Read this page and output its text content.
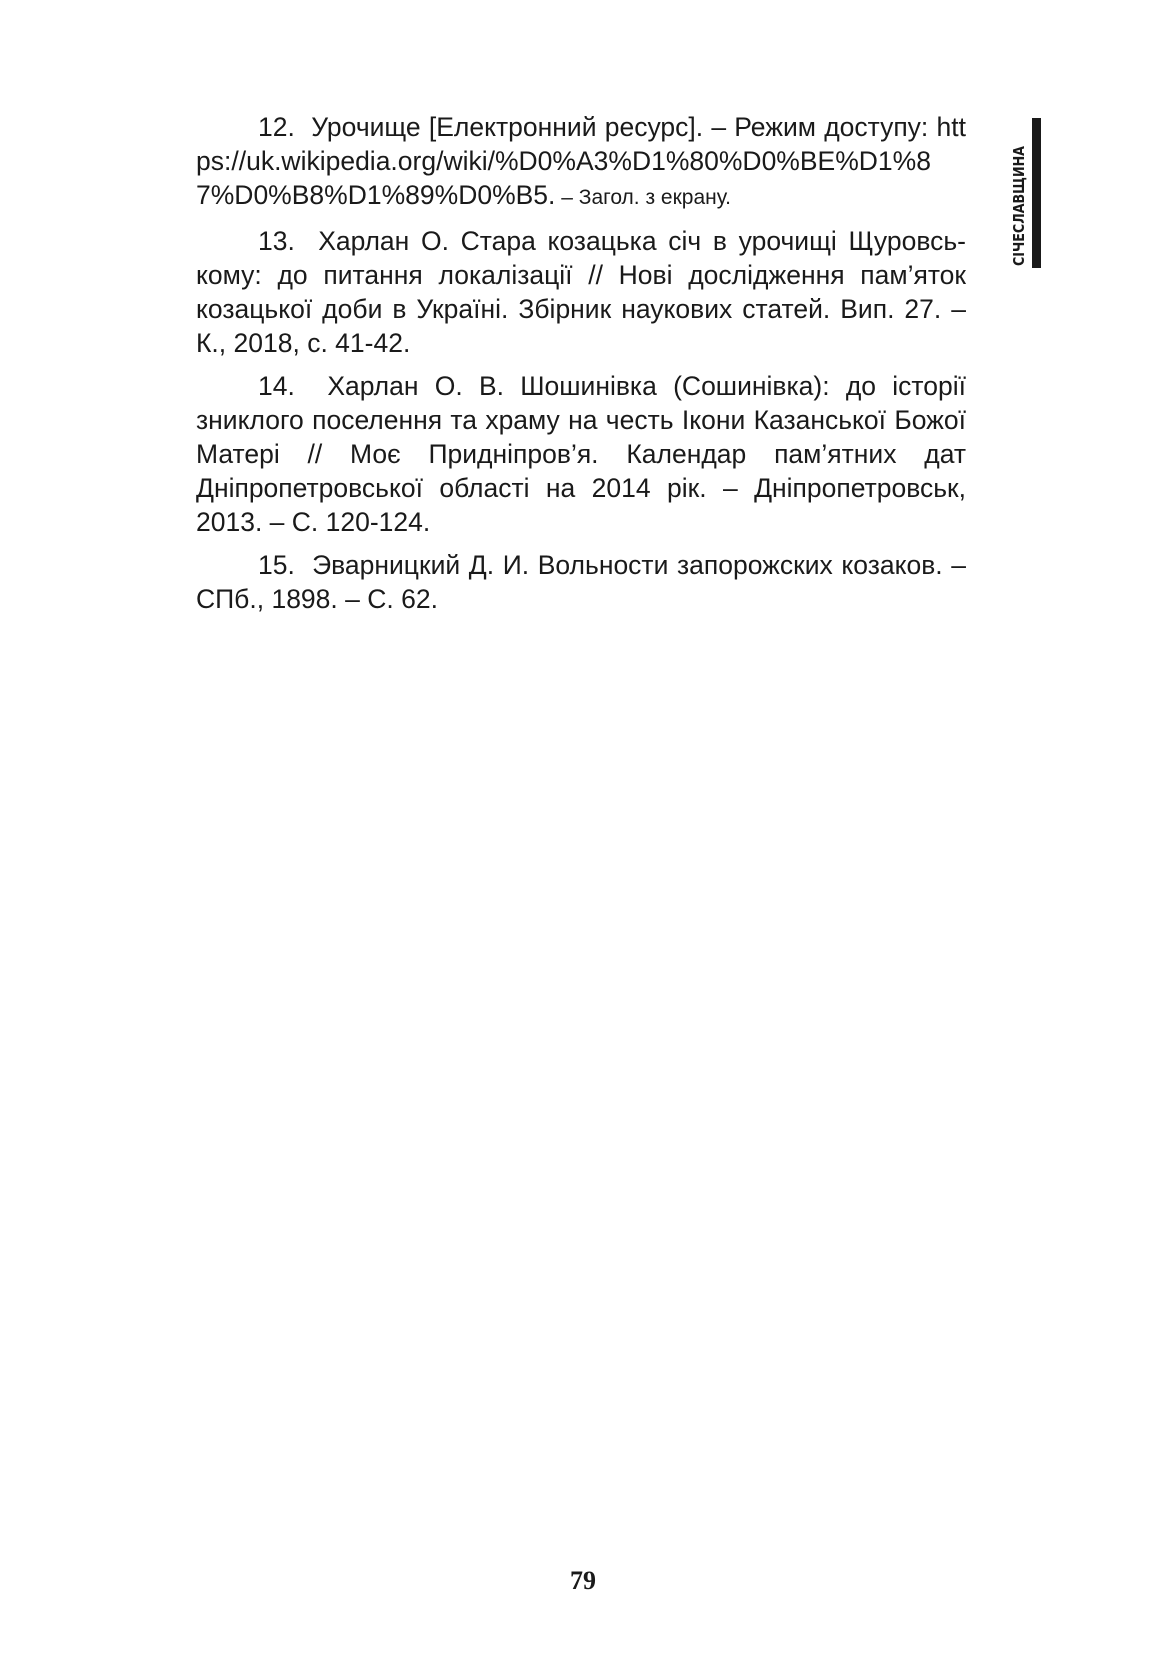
СІЧЕСЛАВЩИНА

12. Урочище [Електронний ресурс]. – Режим доступу: https://uk.wikipedia.org/wiki/%D0%A3%D1%80%D0%BE%D1%87%D0%B8%D1%89%D0%B5. – Загол. з екрану.

13. Харлан О. Стара козацька січ в урочищі Щуровсь-кому: до питання локалізації // Нові дослідження пам’яток козацької доби в Україні. Збірник наукових статей. Вип. 27. – К., 2018, с. 41-42.

14. Харлан О. В. Шошинівка (Сошинівка): до історії зниклого поселення та храму на честь Ікони Казанської Божої Матері // Моє Придніпров’я. Календар пам’ятних дат Дніпропетровської області на 2014 рік. – Дніпропетровськ, 2013. – С. 120-124.

15. Эварницкий Д. И. Вольности запорожских козаков. – СПб., 1898. – С. 62.

79
